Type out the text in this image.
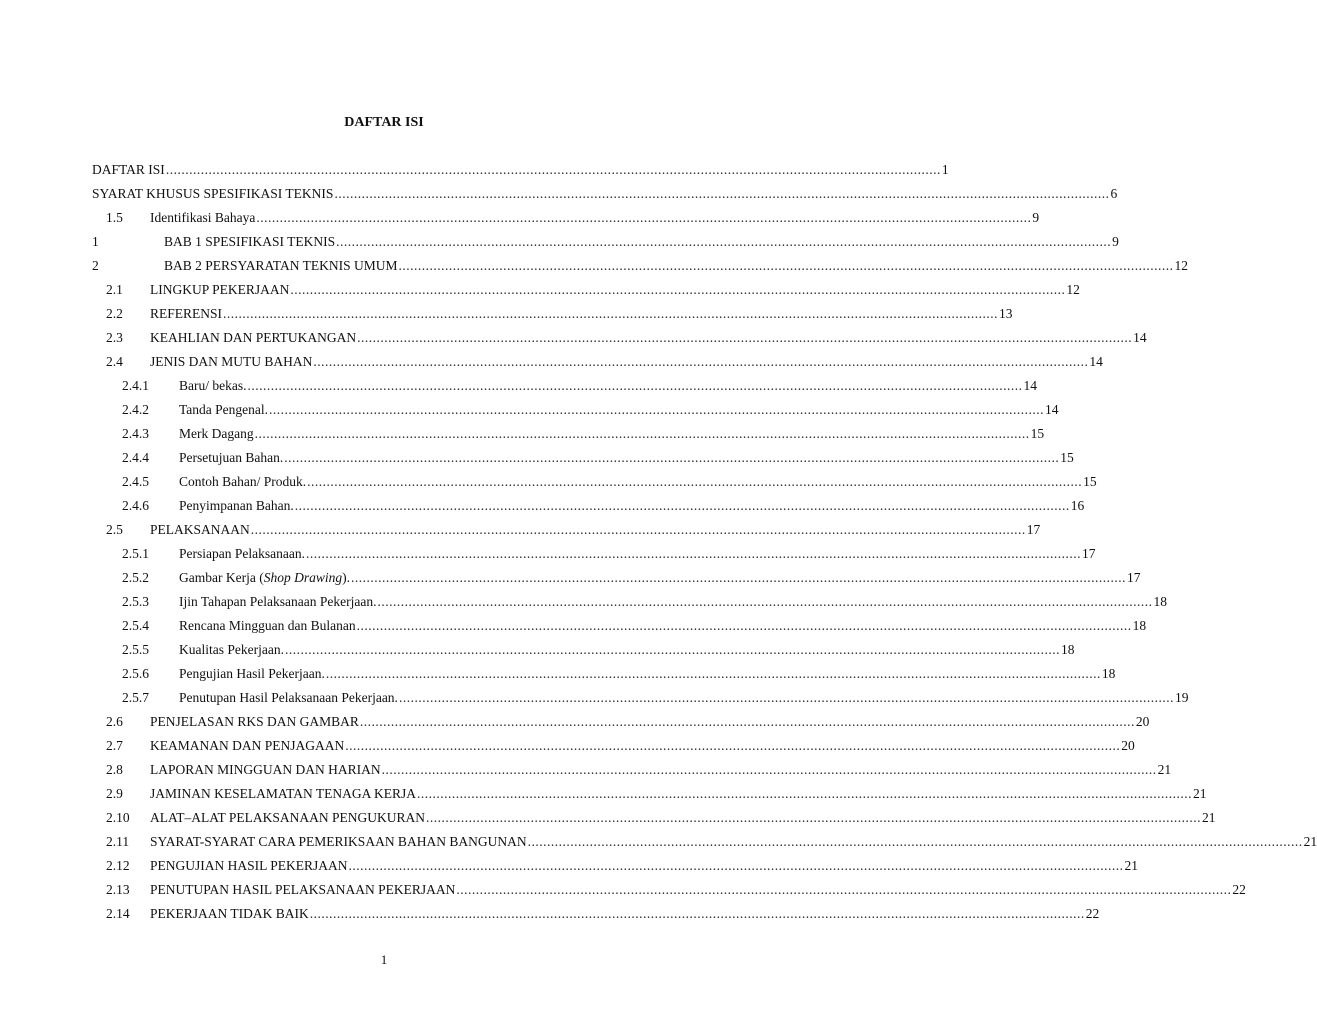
DAFTAR ISI
DAFTAR ISI ........................................................................................................................................................................................................ 1
SYARAT KHUSUS SPESIFIKASI TEKNIS ........................................................................................................................................................................................................ 6
1.5 Identifikasi Bahaya ........................................................................................................................................................................................................ 9
1	BAB 1 SPESIFIKASI TEKNIS ........................................................................................................................................................................................................ 9
2	BAB 2 PERSYARATAN TEKNIS UMUM ........................................................................................................................................................................................................ 12
2.1 LINGKUP PEKERJAAN ........................................................................................................................................................................................................ 12
2.2 REFERENSI ........................................................................................................................................................................................................ 13
2.3 KEAHLIAN DAN PERTUKANGAN ........................................................................................................................................................................................................ 14
2.4 JENIS DAN MUTU BAHAN ........................................................................................................................................................................................................ 14
2.4.1 Baru/ bekas. ........................................................................................................................................................................................................ 14
2.4.2 Tanda Pengenal. ........................................................................................................................................................................................................ 14
2.4.3 Merk Dagang ........................................................................................................................................................................................................ 15
2.4.4 Persetujuan Bahan. ........................................................................................................................................................................................................ 15
2.4.5 Contoh Bahan/ Produk. ........................................................................................................................................................................................................ 15
2.4.6 Penyimpanan Bahan. ........................................................................................................................................................................................................ 16
2.5 PELAKSANAAN ........................................................................................................................................................................................................ 17
2.5.1 Persiapan Pelaksanaan. ........................................................................................................................................................................................................ 17
2.5.2 Gambar Kerja (Shop Drawing). ........................................................................................................................................................................................................ 17
2.5.3 Ijin Tahapan Pelaksanaan Pekerjaan. ........................................................................................................................................................................................................ 18
2.5.4 Rencana Mingguan dan Bulanan ........................................................................................................................................................................................................ 18
2.5.5 Kualitas Pekerjaan. ........................................................................................................................................................................................................ 18
2.5.6 Pengujian Hasil Pekerjaan. ........................................................................................................................................................................................................ 18
2.5.7 Penutupan Hasil Pelaksanaan Pekerjaan. ........................................................................................................................................................................................................ 19
2.6 PENJELASAN RKS DAN GAMBAR ........................................................................................................................................................................................................ 20
2.7 KEAMANAN DAN PENJAGAAN ........................................................................................................................................................................................................ 20
2.8 LAPORAN MINGGUAN DAN HARIAN ........................................................................................................................................................................................................ 21
2.9 JAMINAN KESELAMATAN TENAGA KERJA ........................................................................................................................................................................................................ 21
2.10 ALAT–ALAT PELAKSANAAN PENGUKURAN ........................................................................................................................................................................................................ 21
2.11 SYARAT-SYARAT CARA PEMERIKSAAN BAHAN BANGUNAN ........................................................................................................................................................................................................ 21
2.12 PENGUJIAN HASIL PEKERJAAN ........................................................................................................................................................................................................ 21
2.13 PENUTUPAN HASIL PELAKSANAAN PEKERJAAN ........................................................................................................................................................................................................ 22
2.14 PEKERJAAN TIDAK BAIK ........................................................................................................................................................................................................ 22
1
